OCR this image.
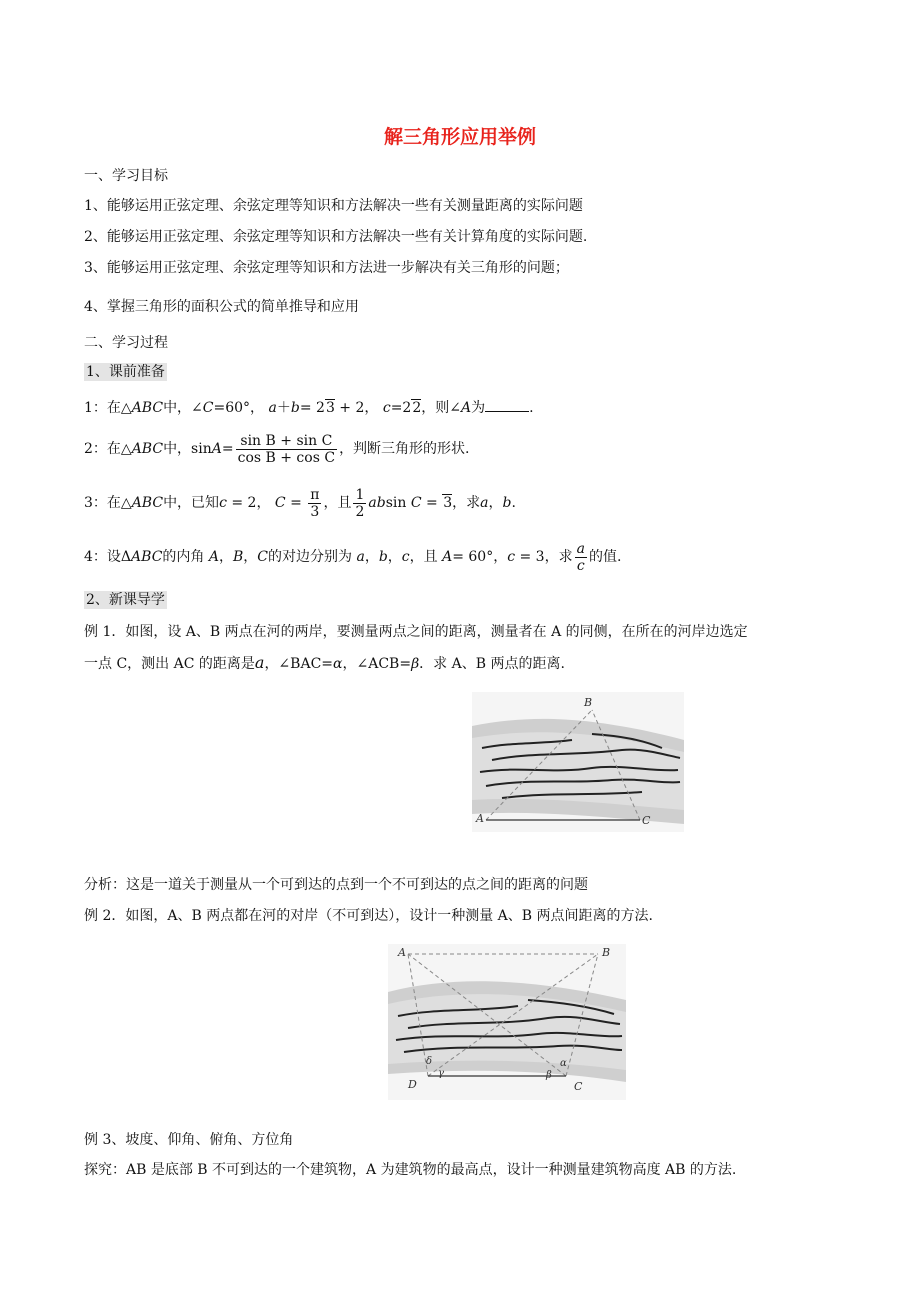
解三角形应用举例
一、学习目标
1、能够运用正弦定理、余弦定理等知识和方法解决一些有关测量距离的实际问题
2、能够运用正弦定理、余弦定理等知识和方法解决一些有关计算角度的实际问题.
3、能够运用正弦定理、余弦定理等知识和方法进一步解决有关三角形的问题；
4、掌握三角形的面积公式的简单推导和应用
二、学习过程
1、课前准备
1：在△ABC中，∠C=60°， a＋b= 23 + 2， c=22，则∠A为	.
2：在△ABC中，$\sin A= \frac{\text{sin B + sin C}}{\text{cos B + cos C}}$ ，判断三角形的形状.
3：在△ABC中，已知c = 2， $C = \frac{\pi}{3}$ ，且 $\frac{1}{2}$ absin C = 3，求a，b.
4：设ΔABC的内角 A，B，C的对边分别为 a，b，c，且 A= 60°，c = 3，求 $\frac{a}{c}$ 的值.
2、新课导学
例 1．如图，设 A、B 两点在河的两岸，要测量两点之间的距离，测量者在 A 的同侧，在所在的河岸边选定
一点 C，测出 AC 的距离是a，∠BAC=α，∠ACB=β．求 A、B 两点的距离.
B
A	C
分析：这是一道关于测量从一个可到达的点到一个不可到达的点之间的距离的问题
例 2．如图，A、B 两点都在河的对岸（不可到达），设计一种测量 A、B 两点间距离的方法.
A	B
D	C
δ
γ	β
α
例 3、坡度、仰角、俯角、方位角
探究：AB 是底部 B 不可到达的一个建筑物，A 为建筑物的最高点，设计一种测量建筑物高度 AB 的方法.
